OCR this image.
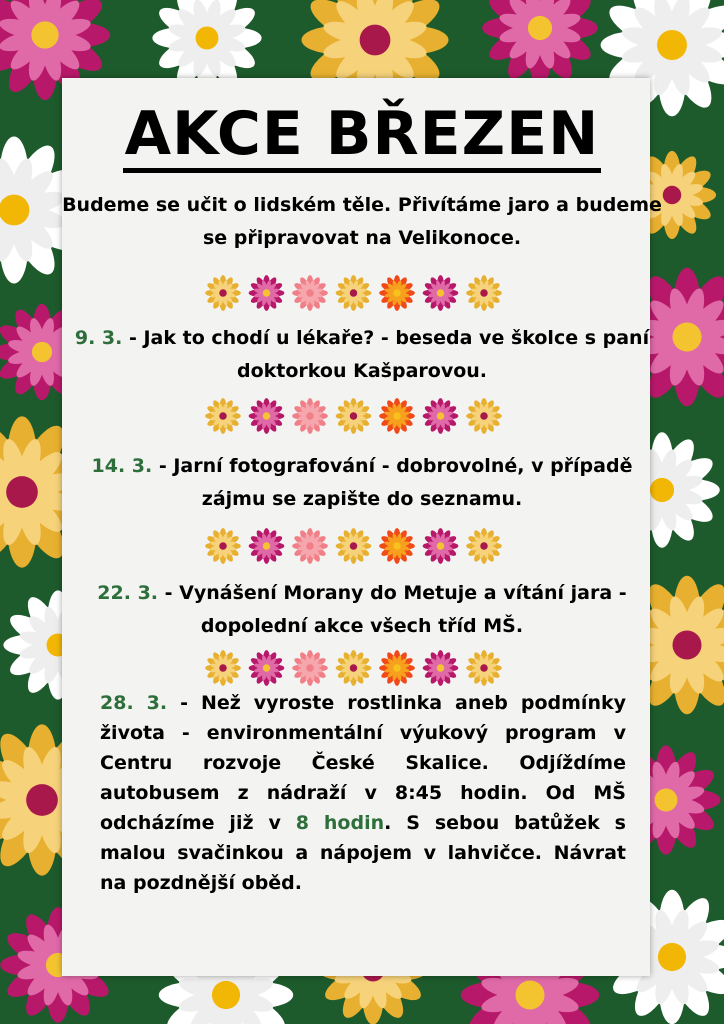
AKCE BŘEZEN
Budeme se učit o lidském těle. Přivítáme jaro a budeme se připravovat na Velikonoce.
9. 3. - Jak to chodí u lékaře? - beseda ve školce s paní doktorkou Kašparovou.
14. 3. - Jarní fotografování - dobrovolné, v případě zájmu se zapište do seznamu.
22. 3. - Vynášení Morany do Metuje a vítání jara - dopolední akce všech tříd MŠ.
28. 3. - Než vyroste rostlinka aneb podmínky života - environmentální výukový program v Centru rozvoje České Skalice. Odjíždíme autobusem z nádraží v 8:45 hodin. Od MŠ odcházíme již v 8 hodin. S sebou batůžek s malou svačinkou a nápojem v lahvičce. Návrat na pozdnější oběd.
